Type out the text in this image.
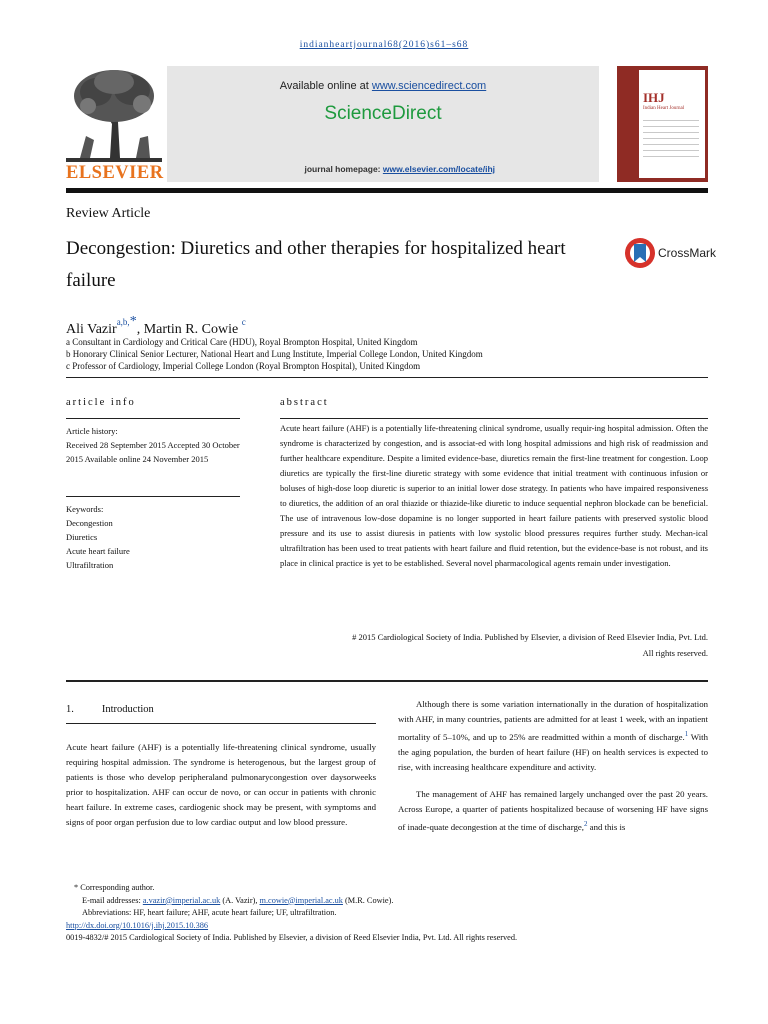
indianheartjournal68(2016)s61–s68
ELSEVIER
Available online at www.sciencedirect.com
ScienceDirect
journal homepage: www.elsevier.com/locate/ihj
IHJ
Indian Heart Journal
Review Article
Decongestion: Diuretics and other therapies for hospitalized heart failure
CrossMark
Ali Vazir$^{a,b,}$*, Martin R. Cowie $^c$
a Consultant in Cardiology and Critical Care (HDU), Royal Brompton Hospital, United Kingdom
b Honorary Clinical Senior Lecturer, National Heart and Lung Institute, Imperial College London, United Kingdom
c Professor of Cardiology, Imperial College London (Royal Brompton Hospital), United Kingdom
article info

Article history:

Received 28 September 2015 Accepted 30 October 2015 Available online 24 November 2015

Keywords:

Decongestion

Diuretics

Acute heart failure

Ultrafiltration

abstract
Acute heart failure (AHF) is a potentially life-threatening clinical syndrome, usually requir-ing hospital admission. Often the syndrome is characterized by congestion, and is associat-ed with long hospital admissions and high risk of readmission and further healthcare expenditure. Despite a limited evidence-base, diuretics remain the first-line treatment for congestion. Loop diuretics are typically the first-line diuretic strategy with some evidence that initial treatment with continuous infusion or boluses of high-dose loop diuretic is superior to an initial lower dose strategy. In patients who have impaired responsiveness to diuretics, the addition of an oral thiazide or thiazide-like diuretic to induce sequential nephron blockade can be beneficial. The use of intravenous low-dose dopamine is no longer supported in heart failure patients with preserved systolic blood pressure and its use to assist diuresis in patients with low systolic blood pressures requires further study. Mechan-ical ultrafiltration has been used to treat patients with heart failure and fluid retention, but the evidence-base is not robust, and its place in clinical practice is yet to be established. Several novel pharmacological agents remain under investigation.
# 2015 Cardiological Society of India. Published by Elsevier, a division of Reed Elsevier India, Pvt. Ltd.
All rights reserved.
1.	Introduction
Acute heart failure (AHF) is a potentially life-threatening clinical syndrome, usually requiring hospital admission. The syndrome is heterogenous, but the largest group of patients is those who develop peripheraland pulmonarycongestion over daysorweeks prior to hospitalization. AHF can occur de novo, or can occur in patients with chronic heart failure. In extreme cases, cardiogenic shock may be present, with symptoms and signs of poor organ perfusion due to low cardiac output and low blood pressure.

Although there is some variation internationally in the duration of hospitalization with AHF, in many countries, patients are admitted for at least 1 week, with an inpatient mortality of 5–10%, and up to 25% are readmitted within a month of discharge.$^1$ With the aging population, the burden of heart failure (HF) on health services is expected to rise, with increasing healthcare expenditure and activity.

The management of AHF has remained largely unchanged over the past 20 years. Across Europe, a quarter of patients hospitalized because of worsening HF have signs of inade-quate decongestion at the time of discharge,$^2$ and this is

* Corresponding author.
E-mail addresses: a.vazir@imperial.ac.uk (A. Vazir), m.cowie@imperial.ac.uk (M.R. Cowie).
Abbreviations: HF, heart failure; AHF, acute heart failure; UF, ultrafiltration.
http://dx.doi.org/10.1016/j.ihj.2015.10.386
0019-4832/# 2015 Cardiological Society of India. Published by Elsevier, a division of Reed Elsevier India, Pvt. Ltd. All rights reserved.
